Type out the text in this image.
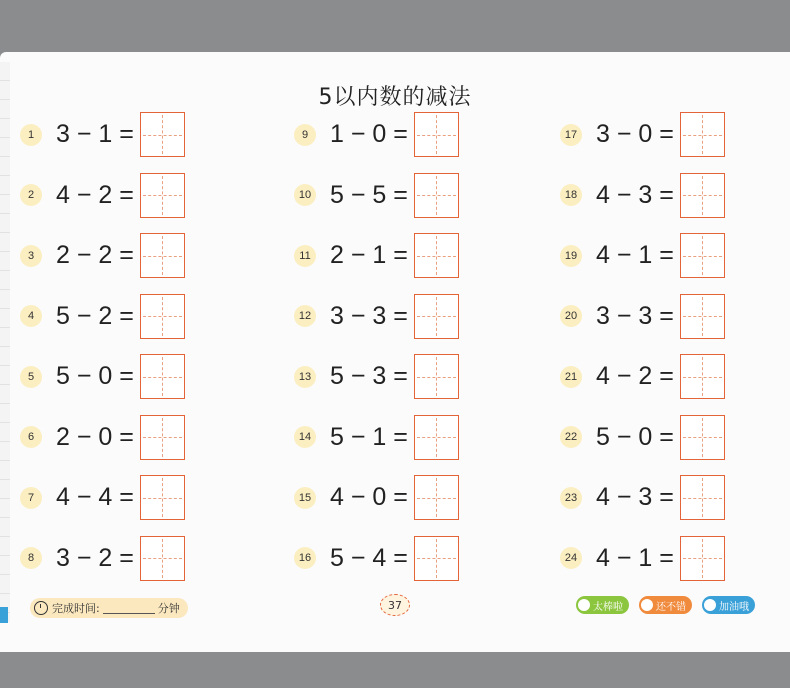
5以内数的减法
1 3 − 1 =
2 4 − 2 =
3 2 − 2 =
4 5 − 2 =
5 5 − 0 =
6 2 − 0 =
7 4 − 4 =
8 3 − 2 =
9 1 − 0 =
10 5 − 5 =
11 2 − 1 =
12 3 − 3 =
13 5 − 3 =
14 5 − 1 =
15 4 − 0 =
16 5 − 4 =
17 3 − 0 =
18 4 − 3 =
19 4 − 1 =
20 3 − 3 =
21 4 − 2 =
22 5 − 0 =
23 4 − 3 =
24 4 − 1 =
完成时间:	分钟	37	太棒啦	还不错	加油哦
